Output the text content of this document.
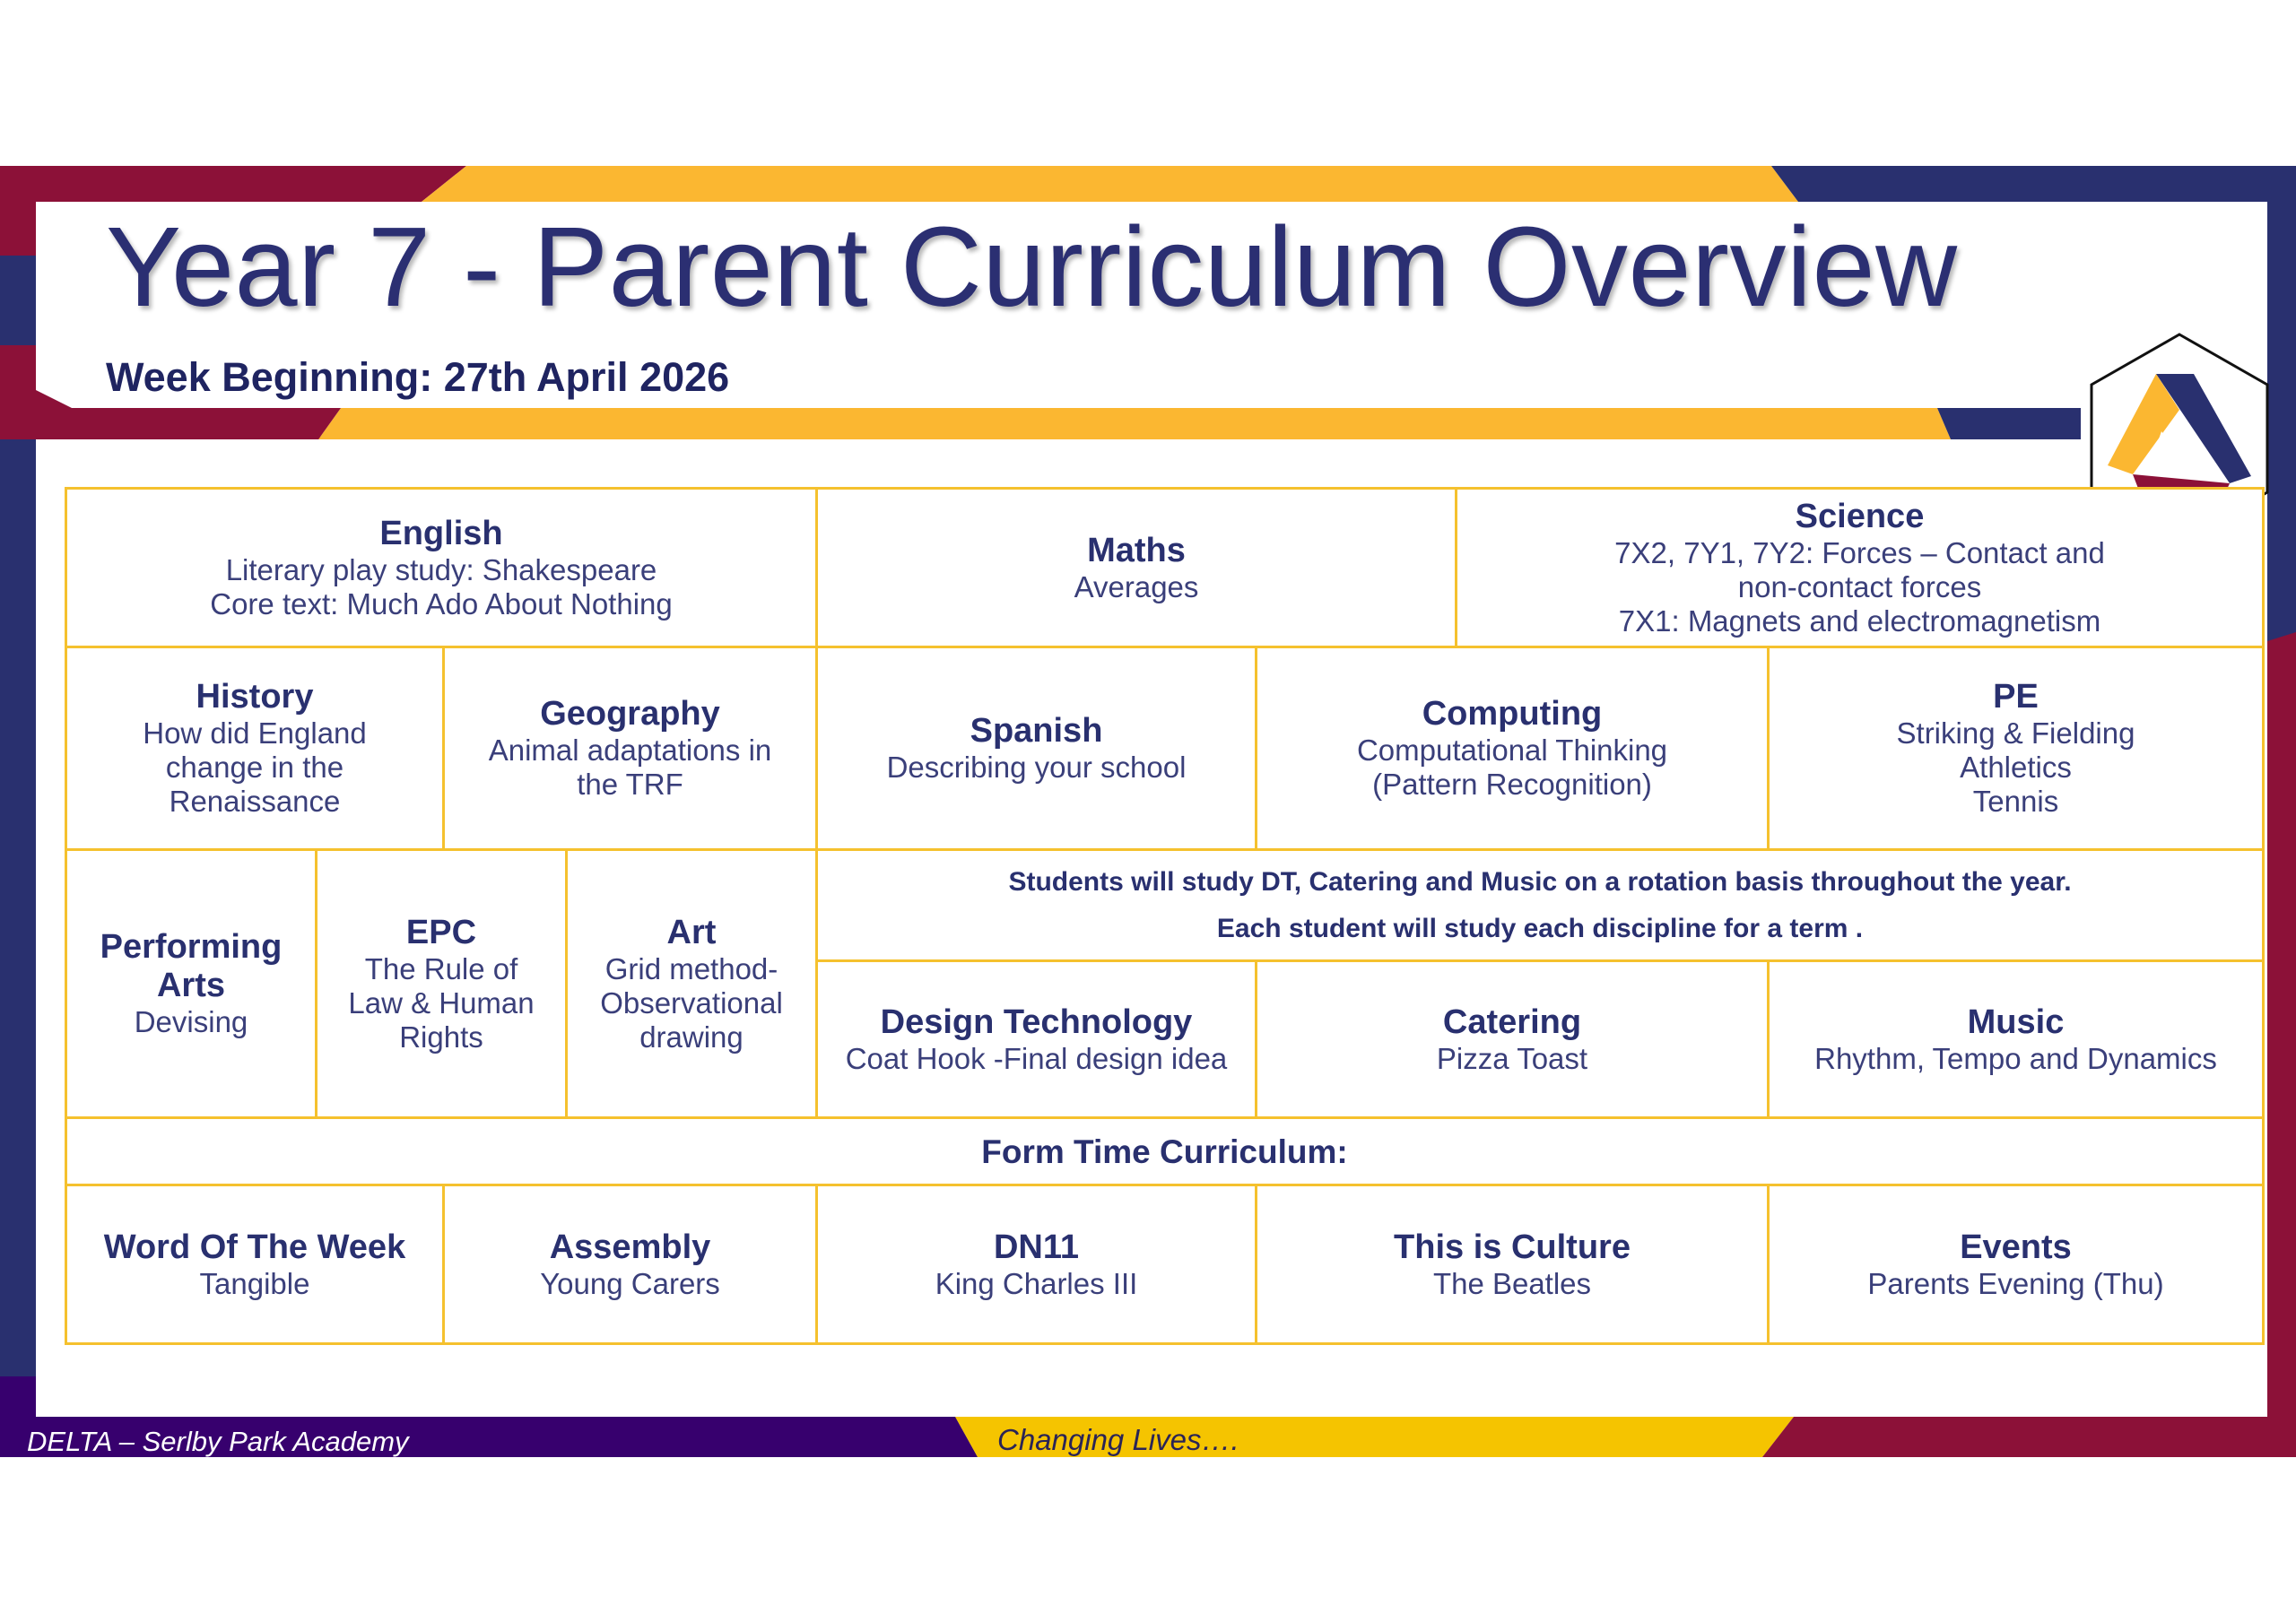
Year 7 - Parent Curriculum Overview
Week Beginning: 27th April 2026
English
Literary play study: Shakespeare
Core text: Much Ado About Nothing
Maths
Averages
Science
7X2, 7Y1, 7Y2: Forces – Contact and
non-contact forces
7X1: Magnets and electromagnetism
History
How did England
change in the
Renaissance
Geography
Animal adaptations in
the TRF
Spanish
Describing your school
Computing
Computational Thinking
(Pattern Recognition)
PE
Striking & Fielding
Athletics
Tennis
Performing
Arts
Devising
EPC
The Rule of
Law & Human
Rights
Art
Grid method-
Observational
drawing
Students will study DT, Catering and Music on a rotation basis throughout the year.
Each student will study each discipline for a term .
Design Technology
Coat Hook -Final design idea
Catering
Pizza Toast
Music
Rhythm, Tempo and Dynamics
Form Time Curriculum:
Word Of The Week
Tangible
Assembly
Young Carers
DN11
King Charles III
This is Culture
The Beatles
Events
Parents Evening (Thu)
DELTA – Serlby Park Academy	Changing Lives….
